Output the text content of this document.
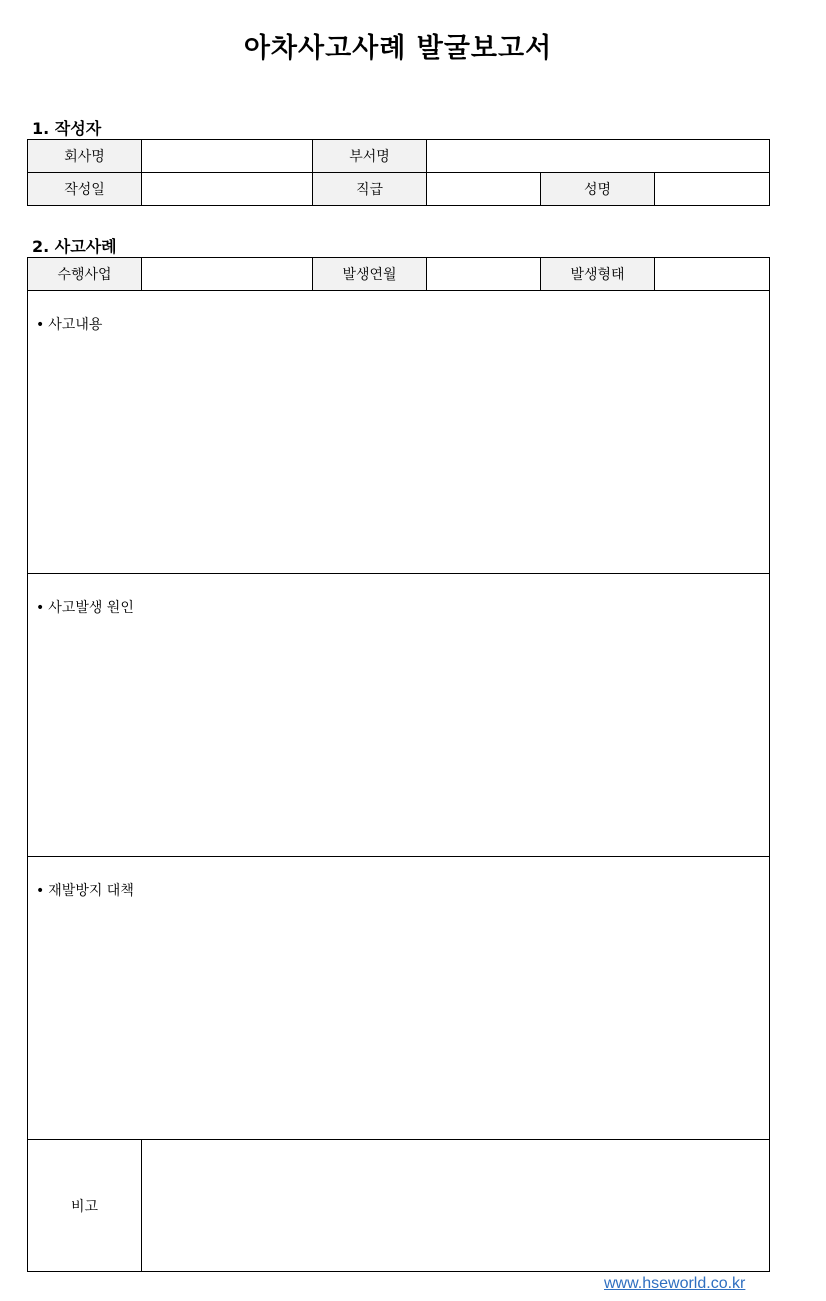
아차사고사례 발굴보고서
1. 작성자
회사명		부서명			
작성일		직급		성명	
2. 사고사례
수행사업		발생연월		발생형태	

• 사고내용

• 사고발생 원인

• 재발방지 대책
비고	
www.hseworld.co.kr
